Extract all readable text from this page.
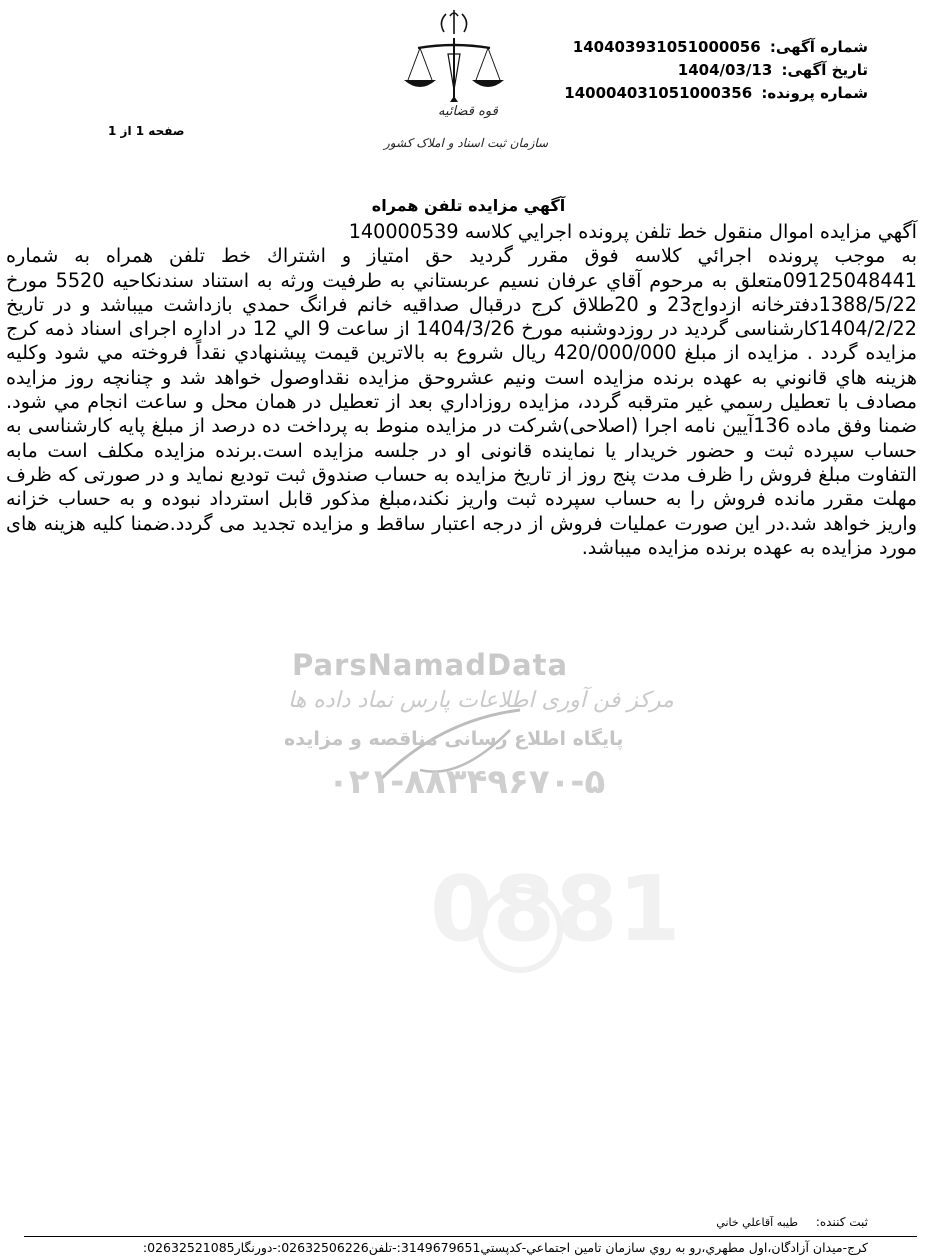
قوه قضائیه
سازمان ثبت اسناد و املاک کشور
شماره آگهی: 140403931051000056
تاریخ آگهی: 1404/03/13
شماره پرونده: 14000403105100035‌6
صفحه 1 از 1
آگهي مزايده تلفن همراه

آگهي مزايده اموال منقول خط تلفن پرونده اجرايي كلاسه 140000539

به موجب پرونده اجرائي كلاسه فوق مقرر گرديد حق امتياز و اشتراك خط تلفن همراه به شماره 09125048441متعلق به مرحوم آقاي عرفان نسيم عربستاني به طرفيت ورثه به استناد سندنكاحيه 5520 مورخ 1388/5/22دفترخانه ازدواج23 و 20طلاق كرج درقبال صداقيه خانم فرانگ حمدي بازداشت ميباشد و در تاريخ 1404/2/22كارشناسی گرديد در روزدوشنبه مورخ 1404/3/26 از ساعت 9 الي 12 در اداره اجرای اسناد ذمه كرج مزايده گردد . مزايده از مبلغ 420/000/000 ريال شروع به بالاترين قيمت پيشنهادي نقداً فروخته مي شود وكليه هزينه هاي قانوني به عهده برنده مزايده است ونيم عشروحق مزايده نقداوصول خواهد شد و چنانچه روز مزايده مصادف با تعطيل رسمي غير مترقبه گردد، مزايده روزاداري بعد از تعطيل در همان محل و ساعت انجام مي شود. ضمنا وفق ماده 136آيين نامه اجرا (اصلاحی)شركت در مزايده منوط به پرداخت ده درصد از مبلغ پايه كارشناسی به حساب سپرده ثبت و حضور خريدار يا نماينده قانونی او در جلسه مزايده است.برنده مزايده مكلف است مابه التفاوت مبلغ فروش را ظرف مدت پنج روز از تاريخ مزايده به حساب صندوق ثبت توديع نمايد و در صورتی كه ظرف مهلت مقرر مانده فروش را به حساب سپرده ثبت واريز نكند،مبلغ مذكور قابل استرداد نبوده و به حساب خزانه واريز خواهد شد.در اين صورت عمليات فروش از درجه اعتبار ساقط و مزايده تجديد می گردد.ضمنا كليه هزينه های مورد مزايده به عهده برنده مزايده ميباشد.

0881
ParsNamadData
مرکز فن آوری اطلاعات پارس نماد داده ها
پایگاه اطلاع رسانی مناقصه و مزایده
۰۲۱-۸۸۳۴۹۶۷۰-۵
ثبت کننده: طيبه آقاعلي خاني
كرج-ميدان آزادگان،اول مطهري،رو به روي سازمان تامين اجتماعي-كدپستي3149679651:-تلفن02632506226:-دورنگار02632521085:
